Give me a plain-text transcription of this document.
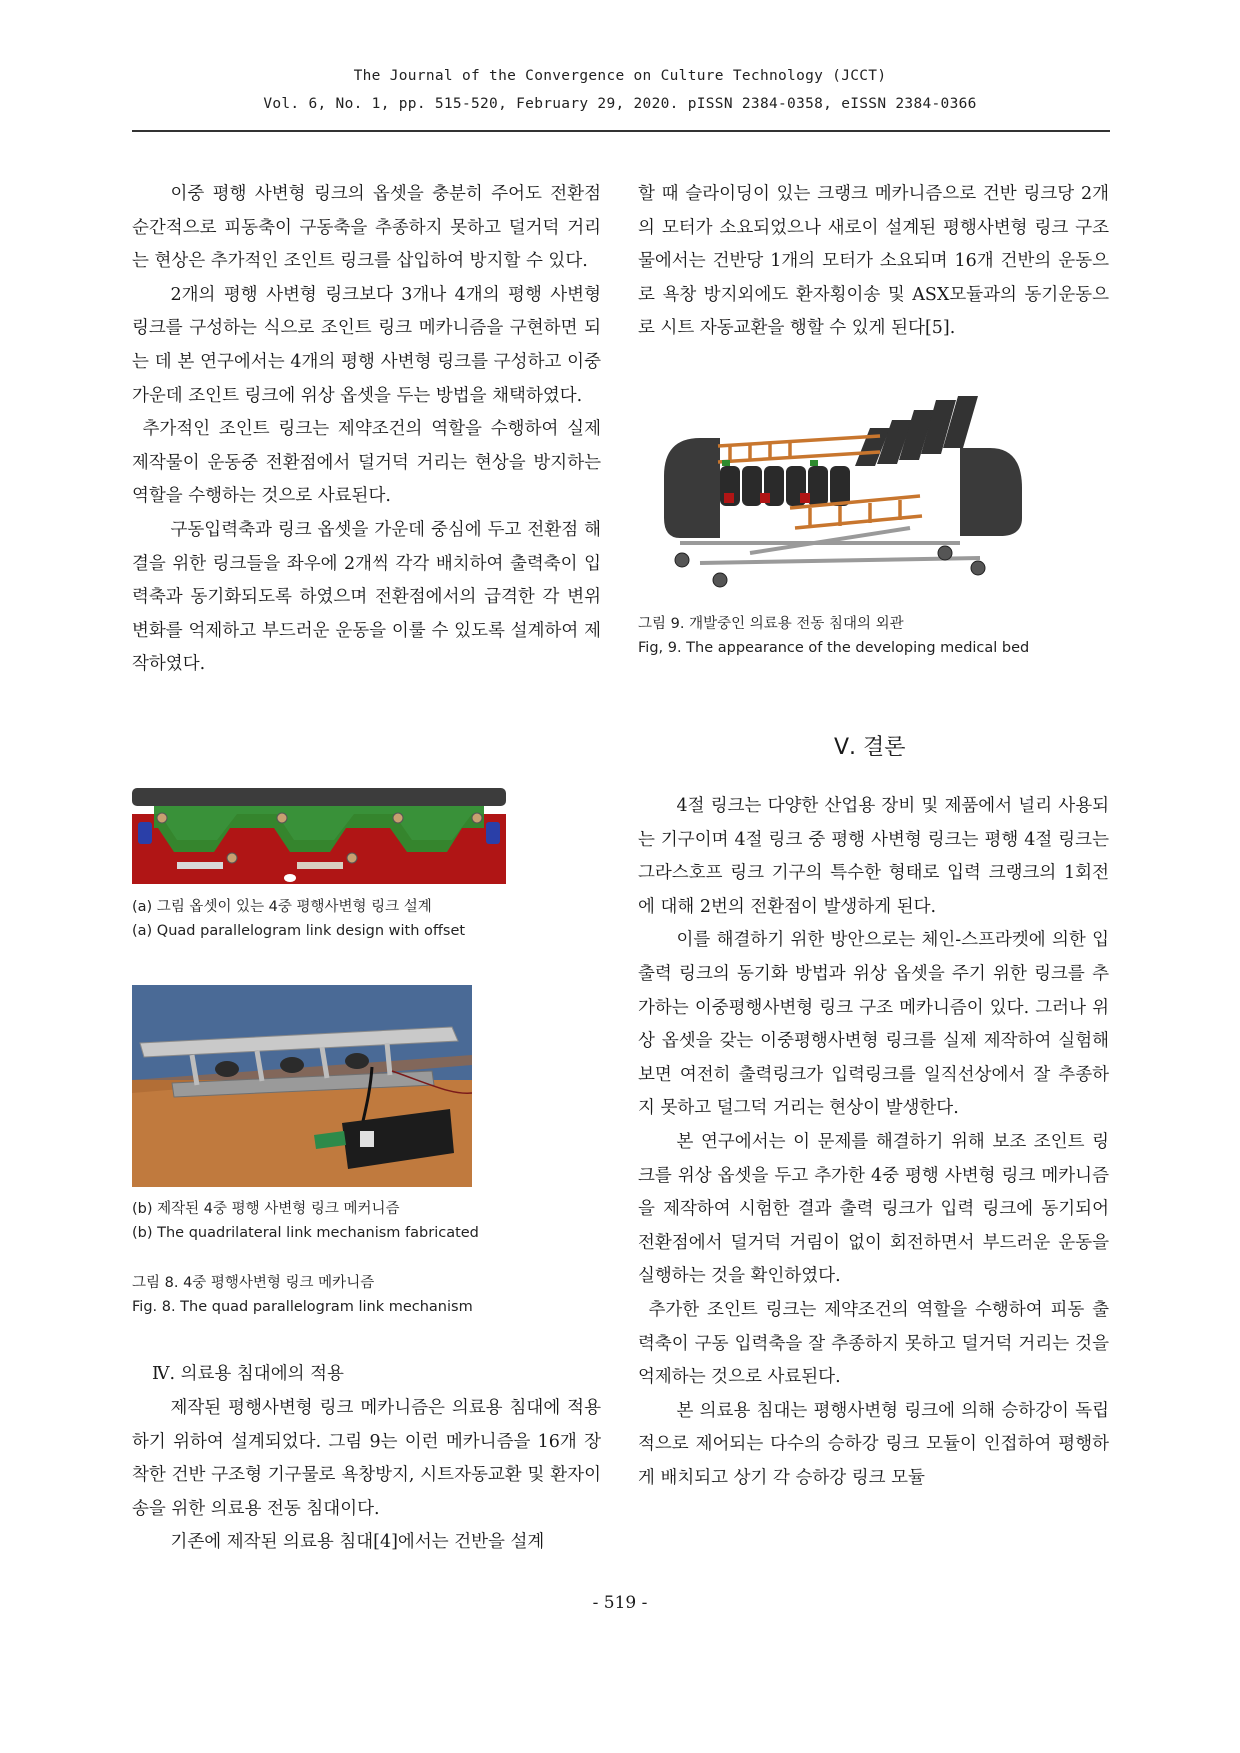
The Journal of the Convergence on Culture Technology (JCCT)
Vol. 6, No. 1, pp. 515-520, February 29, 2020. pISSN 2384-0358, eISSN 2384-0366

이중 평행 사변형 링크의 옵셋을 충분히 주어도 전환점 순간적으로 피동축이 구동축을 추종하지 못하고 덜거덕 거리는 현상은 추가적인 조인트 링크를 삽입하여 방지할 수 있다.

2개의 평행 사변형 링크보다 3개나 4개의 평행 사변형 링크를 구성하는 식으로 조인트 링크 메카니즘을 구현하면 되는 데 본 연구에서는 4개의 평행 사변형 링크를 구성하고 이중 가운데 조인트 링크에 위상 옵셋을 두는 방법을 채택하였다.

추가적인 조인트 링크는 제약조건의 역할을 수행하여 실제 제작물이 운동중 전환점에서 덜거덕 거리는 현상을 방지하는 역할을 수행하는 것으로 사료된다.

구동입력축과 링크 옵셋을 가운데 중심에 두고 전환점 해결을 위한 링크들을 좌우에 2개씩 각각 배치하여 출력축이 입력축과 동기화되도록 하였으며 전환점에서의 급격한 각 변위 변화를 억제하고 부드러운 운동을 이룰 수 있도록 설계하여 제작하였다.

(a) 그림 옵셋이 있는 4중 평행사변형 링크 설계
(a) Quad parallelogram link design with offset
(b) 제작된 4중 평행 사변형 링크 메커니즘
(b) The quadrilateral link mechanism fabricated
그림 8. 4중 평행사변형 링크 메카니즘
Fig. 8. The quad parallelogram link mechanism
Ⅳ. 의료용 침대에의 적용

제작된 평행사변형 링크 메카니즘은 의료용 침대에 적용하기 위하여 설계되었다. 그림 9는 이런 메카니즘을 16개 장착한 건반 구조형 기구물로 욕창방지, 시트자동교환 및 환자이송을 위한 의료용 전동 침대이다.

기존에 제작된 의료용 침대[4]에서는 건반을 설계

할 때 슬라이딩이 있는 크랭크 메카니즘으로 건반 링크당 2개의 모터가 소요되었으나 새로이 설계된 평행사변형 링크 구조물에서는 건반당 1개의 모터가 소요되며 16개 건반의 운동으로 욕창 방지외에도 환자횡이송 및 ASX모듈과의 동기운동으로 시트 자동교환을 행할 수 있게 된다[5].

그림 9. 개발중인 의료용 전동 침대의 외관
Fig, 9. The appearance of the developing medical bed
Ⅴ. 결론

4절 링크는 다양한 산업용 장비 및 제품에서 널리 사용되는 기구이며 4절 링크 중 평행 사변형 링크는 평행 4절 링크는 그라스호프 링크 기구의 특수한 형태로 입력 크랭크의 1회전에 대해 2번의 전환점이 발생하게 된다.

이를 해결하기 위한 방안으로는 체인-스프라켓에 의한 입출력 링크의 동기화 방법과 위상 옵셋을 주기 위한 링크를 추가하는 이중평행사변형 링크 구조 메카니즘이 있다. 그러나 위상 옵셋을 갖는 이중평행사변형 링크를 실제 제작하여 실험해보면 여전히 출력링크가 입력링크를 일직선상에서 잘 추종하지 못하고 덜그덕 거리는 현상이 발생한다.

본 연구에서는 이 문제를 해결하기 위해 보조 조인트 링크를 위상 옵셋을 두고 추가한 4중 평행 사변형 링크 메카니즘을 제작하여 시험한 결과 출력 링크가 입력 링크에 동기되어 전환점에서 덜거덕 거림이 없이 회전하면서 부드러운 운동을 실행하는 것을 확인하였다.

추가한 조인트 링크는 제약조건의 역할을 수행하여 피동 출력축이 구동 입력축을 잘 추종하지 못하고 덜거덕 거리는 것을 억제하는 것으로 사료된다.

본 의료용 침대는 평행사변형 링크에 의해 승하강이 독립적으로 제어되는 다수의 승하강 링크 모듈이 인접하여 평행하게 배치되고 상기 각 승하강 링크 모듈

- 519 -
